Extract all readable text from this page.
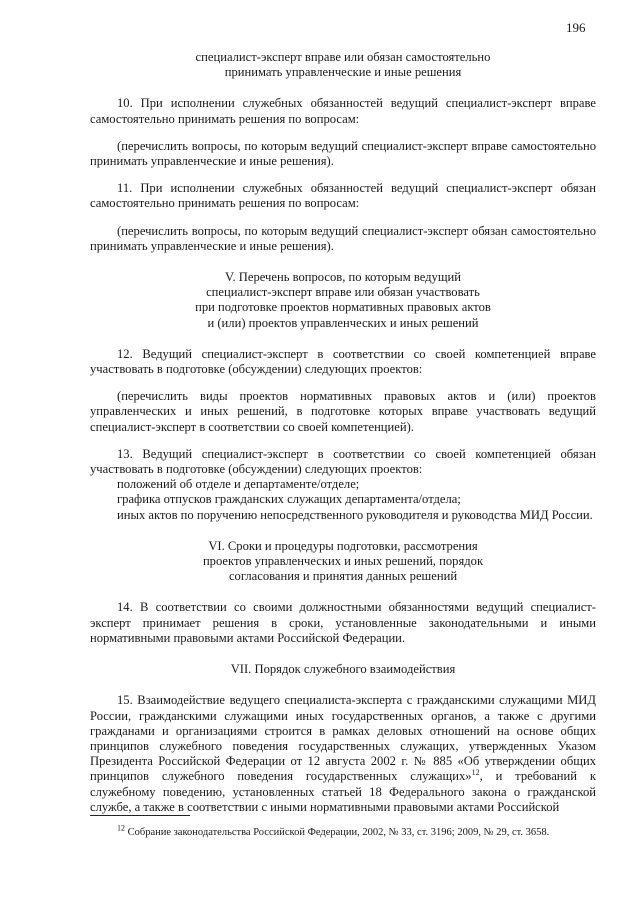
196
специалист-эксперт вправе или обязан самостоятельно
принимать управленческие и иные решения

10. При исполнении служебных обязанностей ведущий специалист-эксперт вправе самостоятельно принимать решения по вопросам:

(перечислить вопросы, по которым ведущий специалист-эксперт вправе самостоятельно принимать управленческие и иные решения).

11. При исполнении служебных обязанностей ведущий специалист-эксперт обязан самостоятельно принимать решения по вопросам:

(перечислить вопросы, по которым ведущий специалист-эксперт обязан самостоятельно принимать управленческие и иные решения).

V. Перечень вопросов, по которым ведущий
специалист-эксперт вправе или обязан участвовать
при подготовке проектов нормативных правовых актов
и (или) проектов управленческих и иных решений

12. Ведущий специалист-эксперт в соответствии со своей компетенцией вправе участвовать в подготовке (обсуждении) следующих проектов:

(перечислить виды проектов нормативных правовых актов и (или) проектов управленческих и иных решений, в подготовке которых вправе участвовать ведущий специалист-эксперт в соответствии со своей компетенцией).

13. Ведущий специалист-эксперт в соответствии со своей компетенцией обязан участвовать в подготовке (обсуждении) следующих проектов:

положений об отделе и департаменте/отделе;

графика отпусков гражданских служащих департамента/отдела;

иных актов по поручению непосредственного руководителя и руководства МИД России.

VI. Сроки и процедуры подготовки, рассмотрения
проектов управленческих и иных решений, порядок
согласования и принятия данных решений

14. В соответствии со своими должностными обязанностями ведущий специалист-эксперт принимает решения в сроки, установленные законодательными и иными нормативными правовыми актами Российской Федерации.

VII. Порядок служебного взаимодействия

15. Взаимодействие ведущего специалиста-эксперта с гражданскими служащими МИД России, гражданскими служащими иных государственных органов, а также с другими гражданами и организациями строится в рамках деловых отношений на основе общих принципов служебного поведения государственных служащих, утвержденных Указом Президента Российской Федерации от 12 августа 2002 г. № 885 «Об утверждении общих принципов служебного поведения государственных служащих»$^{12}$, и требований к служебному поведению, установленных статьей 18 Федерального закона о гражданской службе, а также в соответствии с иными нормативными правовыми актами Российской

$^{12}$ Собрание законодательства Российской Федерации, 2002, № 33, ст. 3196; 2009, № 29, ст. 3658.
